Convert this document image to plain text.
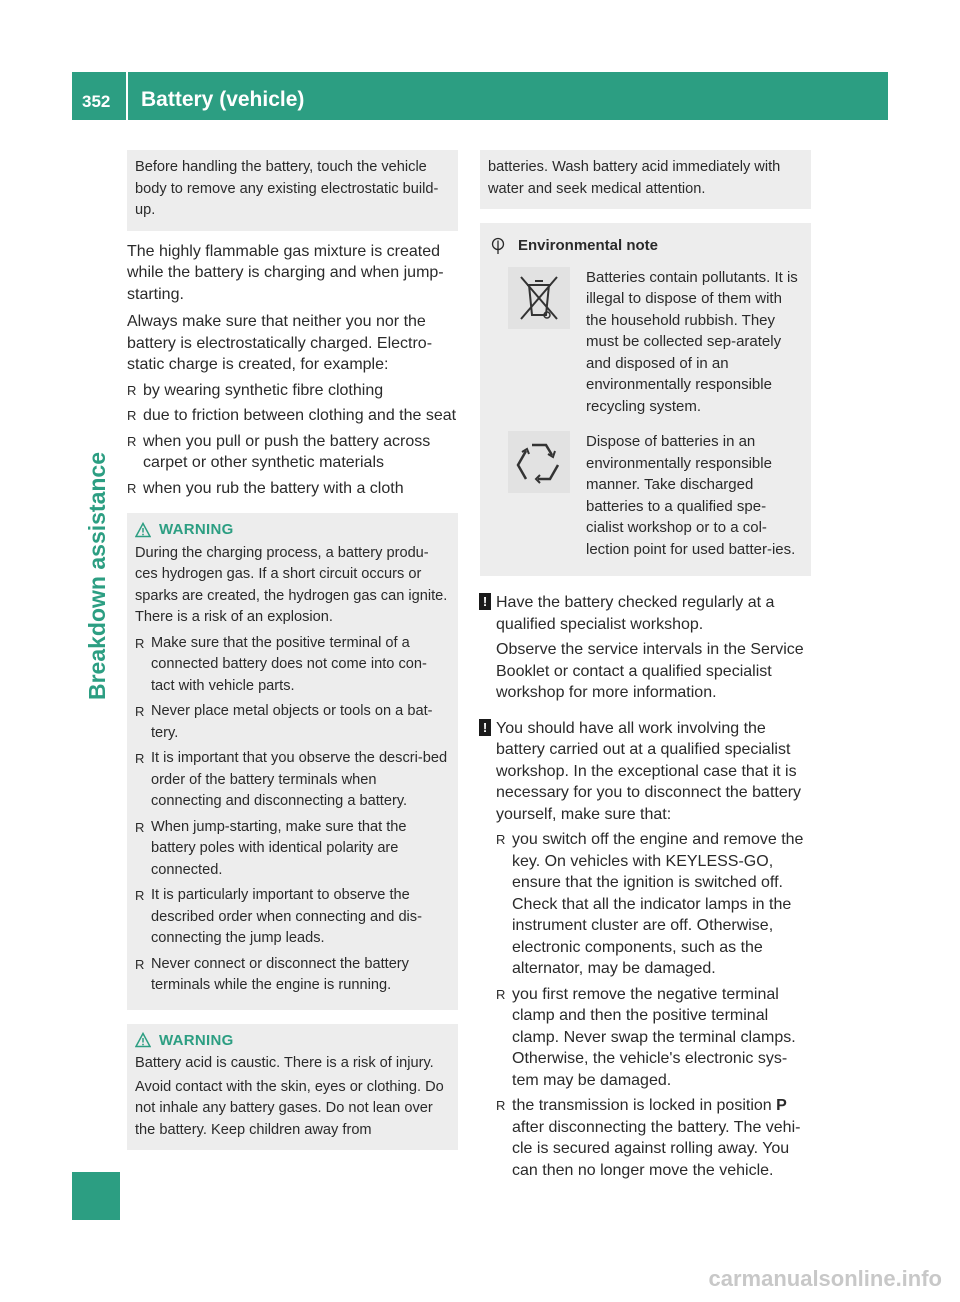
352 Battery (vehicle)
Breakdown assistance

Before handling the battery, touch the vehicle body to remove any existing electrostatic build-up.

The highly flammable gas mixture is created while the battery is charging and when jump-starting.

Always make sure that neither you nor the battery is electrostatically charged. Electro-static charge is created, for example:

R by wearing synthetic fibre clothing
R due to friction between clothing and the seat
R when you pull or push the battery across carpet or other synthetic materials
R when you rub the battery with a cloth
WARNING

During the charging process, a battery produ-ces hydrogen gas. If a short circuit occurs or sparks are created, the hydrogen gas can ignite. There is a risk of an explosion.

R Make sure that the positive terminal of a connected battery does not come into con-tact with vehicle parts.
R Never place metal objects or tools on a bat-tery.
R It is important that you observe the descri-bed order of the battery terminals when connecting and disconnecting a battery.
R When jump-starting, make sure that the battery poles with identical polarity are connected.
R It is particularly important to observe the described order when connecting and dis-connecting the jump leads.
R Never connect or disconnect the battery terminals while the engine is running.
WARNING

Battery acid is caustic. There is a risk of injury.

Avoid contact with the skin, eyes or clothing. Do not inhale any battery gases. Do not lean over the battery. Keep children away from

batteries. Wash battery acid immediately with water and seek medical attention.

Environmental note

Batteries contain pollutants. It is illegal to dispose of them with the household rubbish. They must be collected sep-arately and disposed of in an environmentally responsible recycling system.

Dispose of batteries in an environmentally responsible manner. Take discharged batteries to a qualified spe-cialist workshop or to a col-lection point for used batter-ies.

! Have the battery checked regularly at a qualified specialist workshop.

Observe the service intervals in the Service Booklet or contact a qualified specialist workshop for more information.

! You should have all work involving the battery carried out at a qualified specialist workshop. In the exceptional case that it is necessary for you to disconnect the battery yourself, make sure that:

R you switch off the engine and remove the key. On vehicles with KEYLESS-GO, ensure that the ignition is switched off. Check that all the indicator lamps in the instrument cluster are off. Otherwise, electronic components, such as the alternator, may be damaged.
R you first remove the negative terminal clamp and then the positive terminal clamp. Never swap the terminal clamps. Otherwise, the vehicle's electronic sys-tem may be damaged.
R the transmission is locked in position P after disconnecting the battery. The vehi-cle is secured against rolling away. You can then no longer move the vehicle.
carmanualsonline.info
